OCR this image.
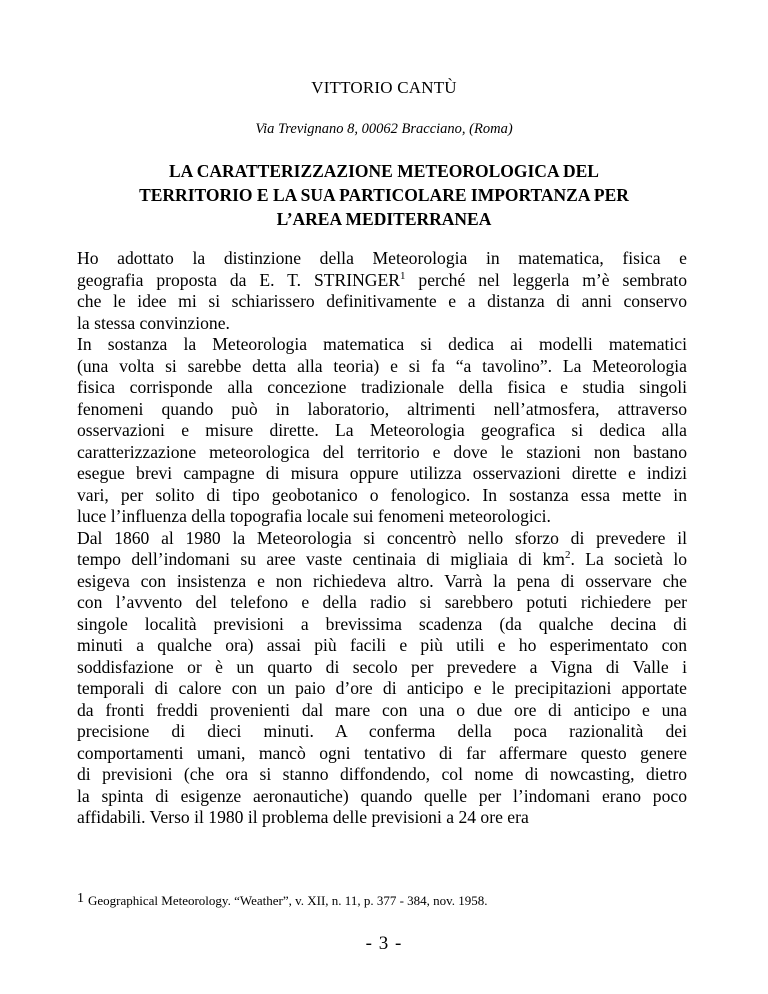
VITTORIO CANTÙ
Via Trevignano 8, 00062 Bracciano, (Roma)
LA CARATTERIZZAZIONE METEOROLOGICA DEL
TERRITORIO E LA SUA PARTICOLARE IMPORTANZA PER
L’AREA MEDITERRANEA
Ho adottato la distinzione della Meteorologia in matematica, fisica e
geografia proposta da E. T. STRINGER$^1$ perché nel leggerla m’è sembrato
che le idee mi si schiarissero definitivamente e a distanza di anni conservo
la stessa convinzione.
In sostanza la Meteorologia matematica si dedica ai modelli matematici
(una volta si sarebbe detta alla teoria) e si fa “a tavolino”. La Meteorologia
fisica corrisponde alla concezione tradizionale della fisica e studia singoli
fenomeni quando può in laboratorio, altrimenti nell’atmosfera, attraverso
osservazioni e misure dirette. La Meteorologia geografica si dedica alla
caratterizzazione meteorologica del territorio e dove le stazioni non bastano
esegue brevi campagne di misura oppure utilizza osservazioni dirette e indizi
vari, per solito di tipo geobotanico o fenologico. In sostanza essa mette in
luce l’influenza della topografia locale sui fenomeni meteorologici.
Dal 1860 al 1980 la Meteorologia si concentrò nello sforzo di prevedere il
tempo dell’indomani su aree vaste centinaia di migliaia di $km^2$. La società lo
esigeva con insistenza e non richiedeva altro. Varrà la pena di osservare che
con l’avvento del telefono e della radio si sarebbero potuti richiedere per
singole località previsioni a brevissima scadenza (da qualche decina di
minuti a qualche ora) assai più facili e più utili e ho esperimentato con
soddisfazione or è un quarto di secolo per prevedere a Vigna di Valle i
temporali di calore con un paio d’ore di anticipo e le precipitazioni apportate
da fronti freddi provenienti dal mare con una o due ore di anticipo e una
precisione di dieci minuti. A conferma della poca razionalità dei
comportamenti umani, mancò ogni tentativo di far affermare questo genere
di previsioni (che ora si stanno diffondendo, col nome di nowcasting, dietro
la spinta di esigenze aeronautiche) quando quelle per l’indomani erano poco
affidabili. Verso il 1980 il problema delle previsioni a 24 ore era
$^1$ Geographical Meteorology. “Weather”, v. XII, n. 11, p. 377 - 384, nov. 1958.
- 3 -
